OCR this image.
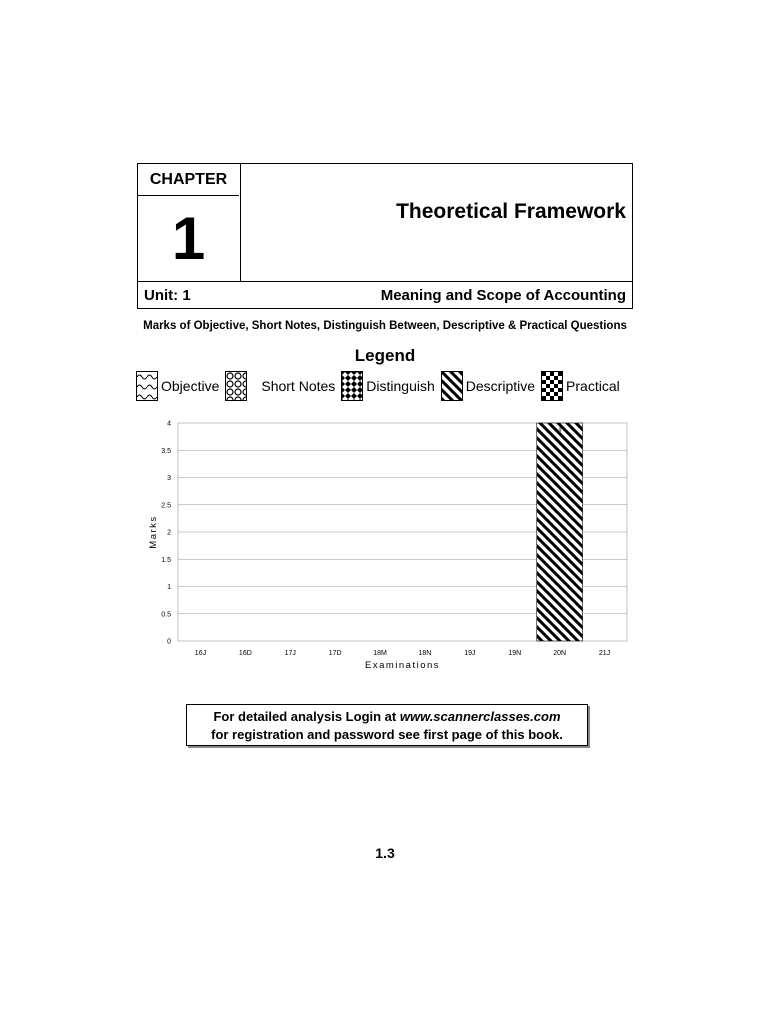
CHAPTER
1	Theoretical Framework
Unit: 1	Meaning and Scope of Accounting
Marks of Objective, Short Notes, Distinguish Between, Descriptive & Practical Questions
Legend
Objective	Short Notes Distinguish Descriptive Practical
0
0.5
1
1.5
2
2.5
3
3.5
4
16J	16D	17J	17D	18M	18N	19J	19N	20N	21J
4
Examinations
Marks
For detailed analysis Login at www.scannerclasses.com
for registration and password see first page of this book.
1.3
